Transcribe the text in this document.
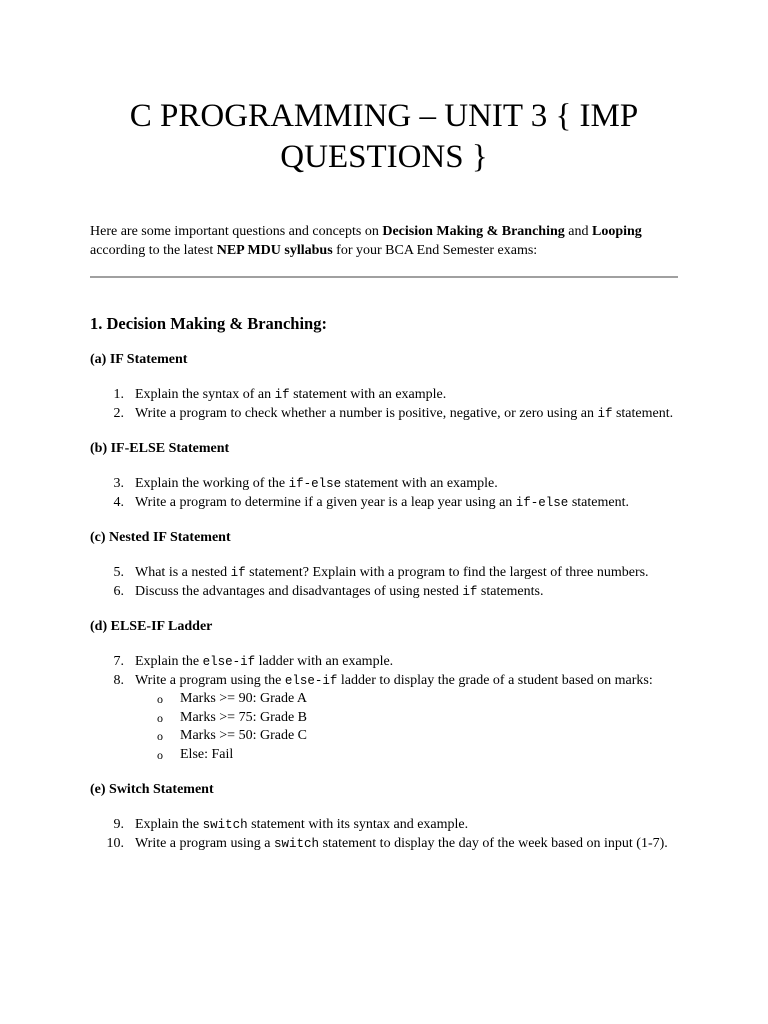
C PROGRAMMING – UNIT 3 { IMP QUESTIONS }

Here are some important questions and concepts on Decision Making & Branching and Looping according to the latest NEP MDU syllabus for your BCA End Semester exams:

1. Decision Making & Branching:
(a) IF Statement
1. Explain the syntax of an if statement with an example.
2. Write a program to check whether a number is positive, negative, or zero using an if statement.
(b) IF-ELSE Statement
3. Explain the working of the if-else statement with an example.
4. Write a program to determine if a given year is a leap year using an if-else statement.
(c) Nested IF Statement
5. What is a nested if statement? Explain with a program to find the largest of three numbers.
6. Discuss the advantages and disadvantages of using nested if statements.
(d) ELSE-IF Ladder
7. Explain the else-if ladder with an example.
8. Write a program using the else-if ladder to display the grade of a student based on marks:
o Marks >= 90: Grade A
o Marks >= 75: Grade B
o Marks >= 50: Grade C
o Else: Fail
(e) Switch Statement
9. Explain the switch statement with its syntax and example.
10. Write a program using a switch statement to display the day of the week based on input (1-7).
